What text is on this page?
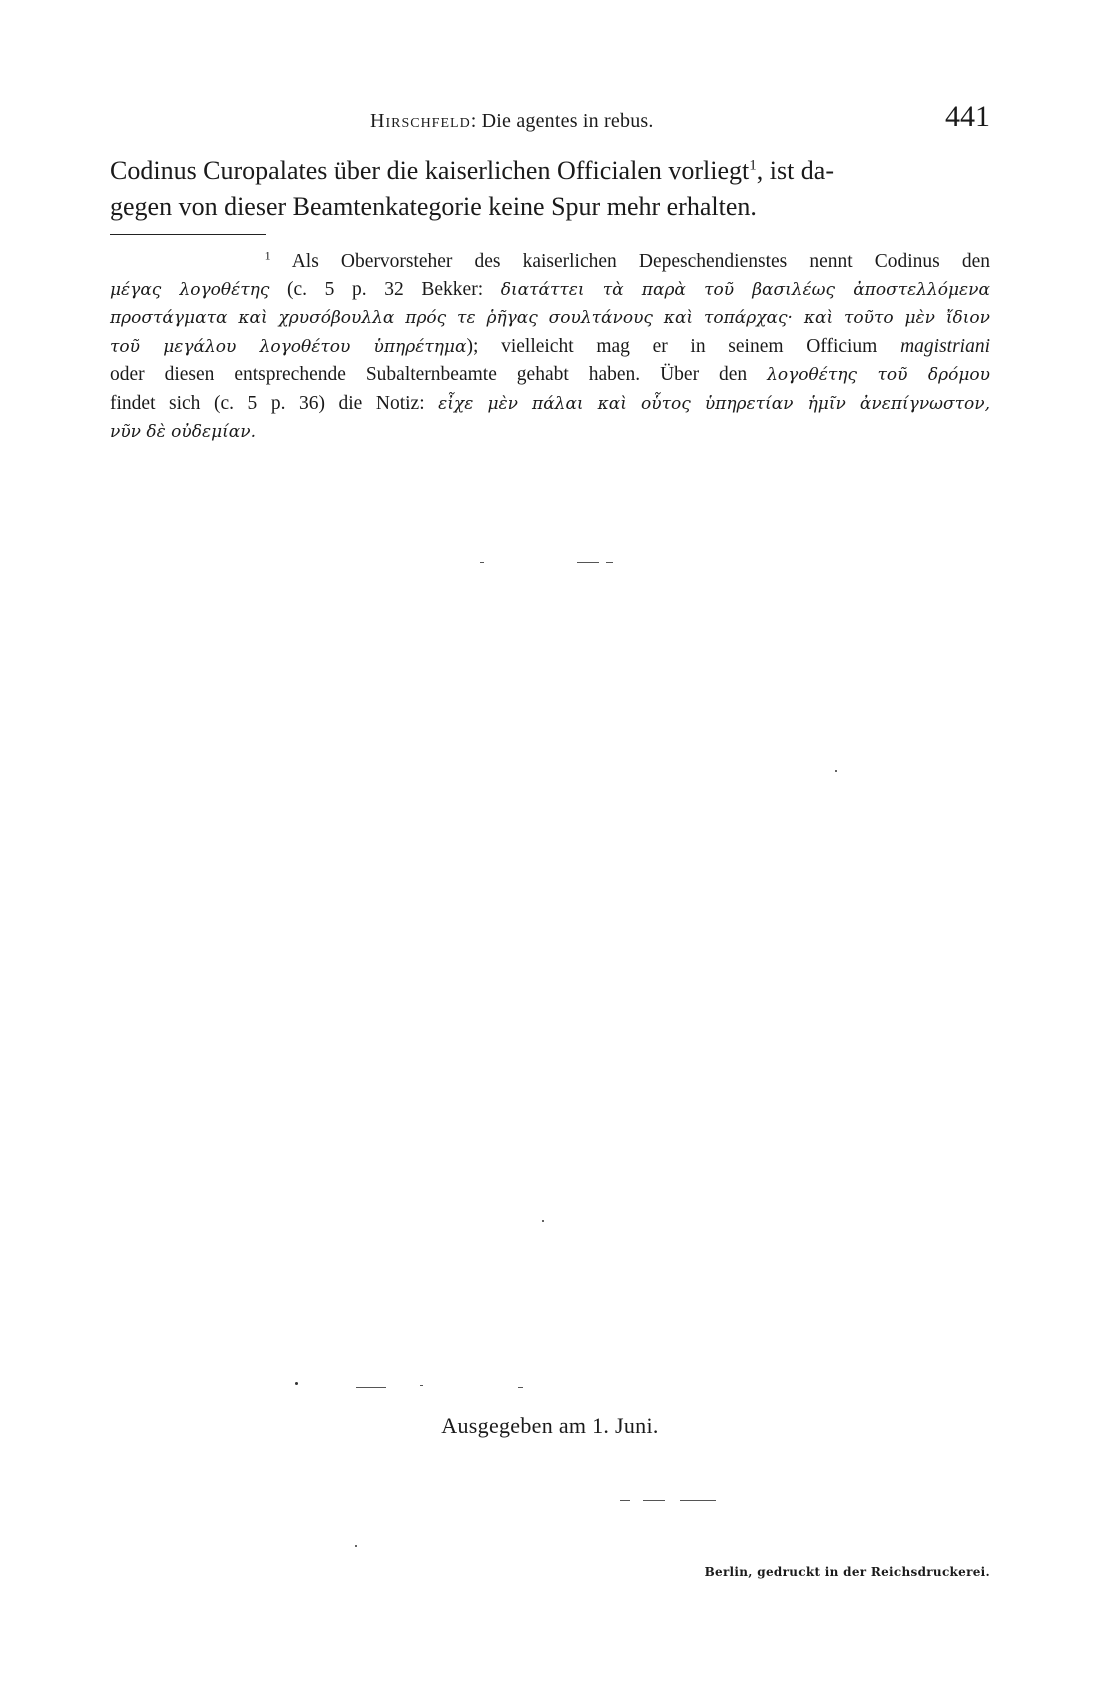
Hirschfeld: Die agentes in rebus.	441
Codinus Curopalates über die kaiserlichen Officialen vorliegt$^1$, ist da-
gegen von dieser Beamtenkategorie keine Spur mehr erhalten.
$^1$ Als Obervorsteher des kaiserlichen Depeschendienstes nennt Codinus den
μέγας λογοθέτης (c. 5 p. 32 Bekker: διατάττει τὰ παρὰ τοῦ βασιλέως ἀποστελλόμενα
προστάγματα καὶ χρυσόβουλλα πρός τε ῥῆγας σουλτάνους καὶ τοπάρχας· καὶ τοῦτο μὲν ἴδιον
τοῦ μεγάλου λογοθέτου ὑπηρέτημα); vielleicht mag er in seinem Officium magistriani
oder diesen entsprechende Subalternbeamte gehabt haben. Über den λογοθέτης τοῦ δρόμου
findet sich (c. 5 p. 36) die Notiz: εἶχε μὲν πάλαι καὶ οὗτος ὑπηρετίαν ἡμῖν ἀνεπίγνωστον,
νῦν δὲ οὐδεμίαν.
Ausgegeben am 1. Juni.
Berlin, gedruckt in der Reichsdruckerei.
